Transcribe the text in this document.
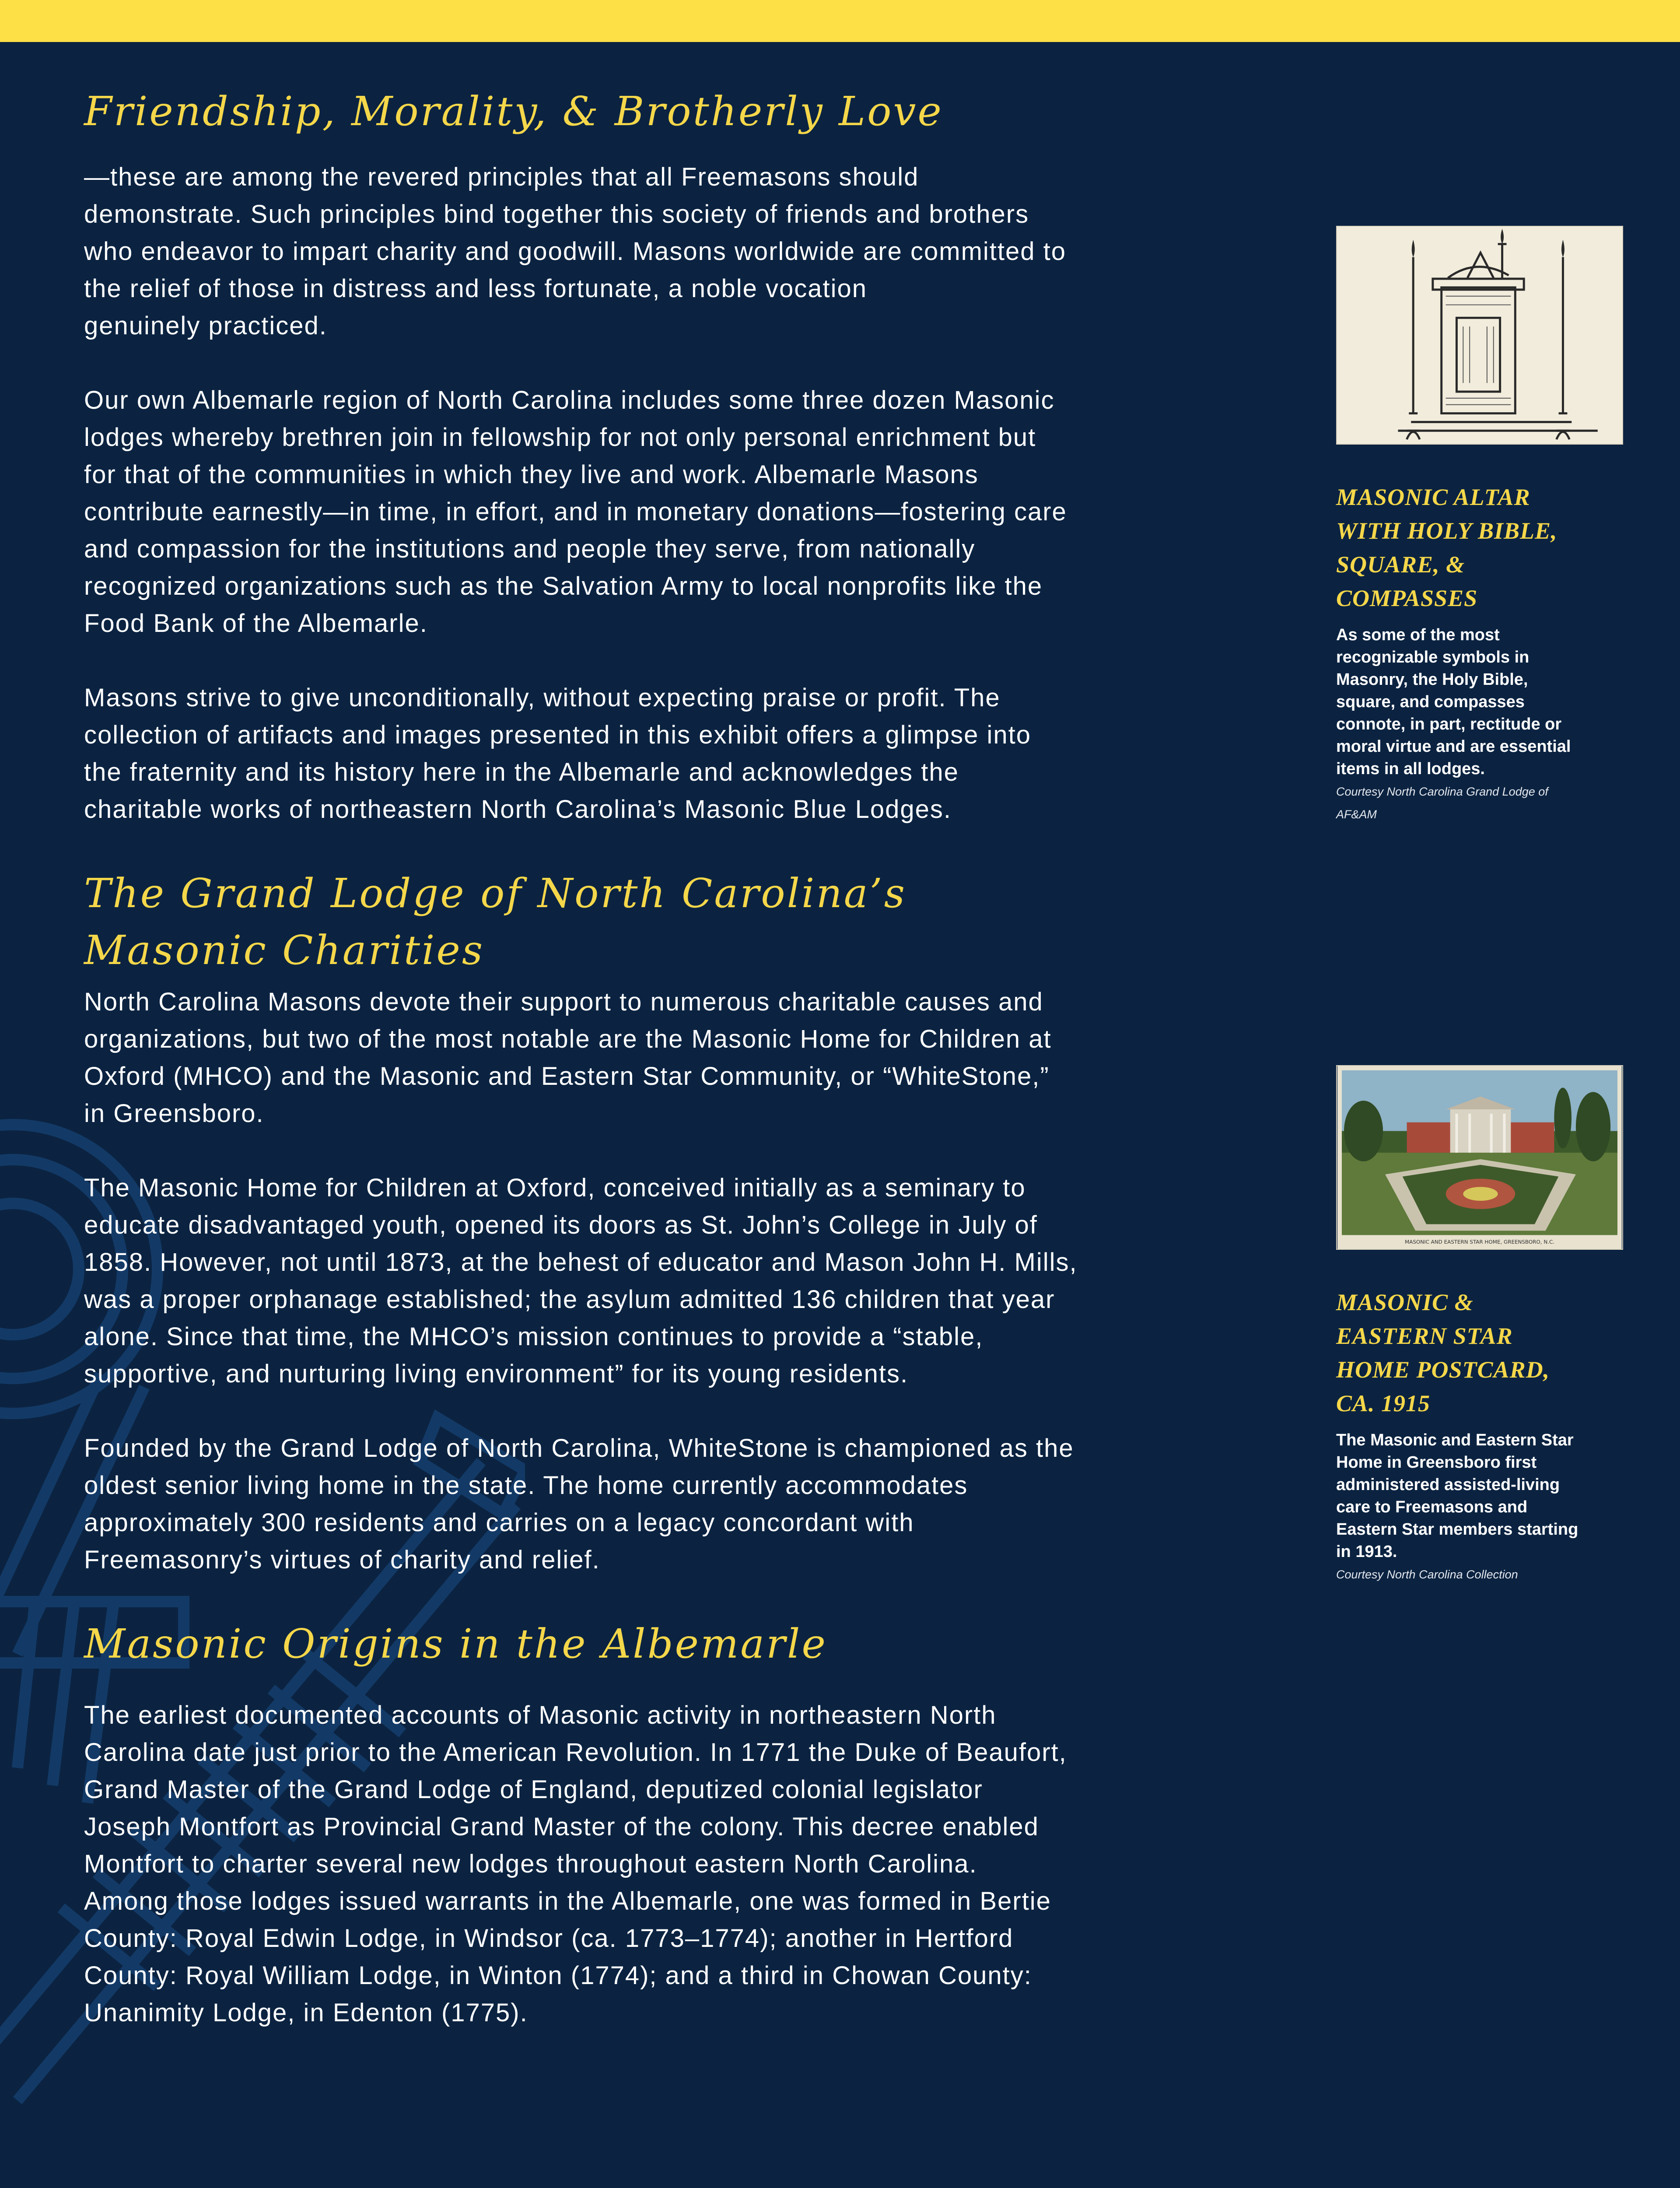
Friendship, Morality, & Brotherly Love

—these are among the revered principles that all Freemasons should
demonstrate. Such principles bind together this society of friends and brothers
who endeavor to impart charity and goodwill. Masons worldwide are committed to
the relief of those in distress and less fortunate, a noble vocation
genuinely practiced.

Our own Albemarle region of North Carolina includes some three dozen Masonic
lodges whereby brethren join in fellowship for not only personal enrichment but
for that of the communities in which they live and work. Albemarle Masons
contribute earnestly—in time, in effort, and in monetary donations—fostering care
and compassion for the institutions and people they serve, from nationally
recognized organizations such as the Salvation Army to local nonprofits like the
Food Bank of the Albemarle.

Masons strive to give unconditionally, without expecting praise or profit. The
collection of artifacts and images presented in this exhibit offers a glimpse into
the fraternity and its history here in the Albemarle and acknowledges the
charitable works of northeastern North Carolina’s Masonic Blue Lodges.

The Grand Lodge of North Carolina’s
Masonic Charities

North Carolina Masons devote their support to numerous charitable causes and
organizations, but two of the most notable are the Masonic Home for Children at
Oxford (MHCO) and the Masonic and Eastern Star Community, or “WhiteStone,”
in Greensboro.

The Masonic Home for Children at Oxford, conceived initially as a seminary to
educate disadvantaged youth, opened its doors as St. John’s College in July of
1858. However, not until 1873, at the behest of educator and Mason John H. Mills,
was a proper orphanage established; the asylum admitted 136 children that year
alone. Since that time, the MHCO’s mission continues to provide a “stable,
supportive, and nurturing living environment” for its young residents.

Founded by the Grand Lodge of North Carolina, WhiteStone is championed as the
oldest senior living home in the state. The home currently accommodates
approximately 300 residents and carries on a legacy concordant with
Freemasonry’s virtues of charity and relief.

Masonic Origins in the Albemarle

The earliest documented accounts of Masonic activity in northeastern North
Carolina date just prior to the American Revolution. In 1771 the Duke of Beaufort,
Grand Master of the Grand Lodge of England, deputized colonial legislator
Joseph Montfort as Provincial Grand Master of the colony. This decree enabled
Montfort to charter several new lodges throughout eastern North Carolina.
Among those lodges issued warrants in the Albemarle, one was formed in Bertie
County: Royal Edwin Lodge, in Windsor (ca. 1773–1774); another in Hertford
County: Royal William Lodge, in Winton (1774); and a third in Chowan County:
Unanimity Lodge, in Edenton (1775).

MASONIC ALTAR
WITH HOLY BIBLE,
SQUARE, &
COMPASSES

As some of the most
recognizable symbols in
Masonry, the Holy Bible,
square, and compasses
connote, in part, rectitude or
moral virtue and are essential
items in all lodges.

Courtesy North Carolina Grand Lodge of
AF&AM

MASONIC AND EASTERN STAR HOME, GREENSBORO, N.C.
MASONIC &
EASTERN STAR
HOME POSTCARD,
CA. 1915

The Masonic and Eastern Star
Home in Greensboro first
administered assisted-living
care to Freemasons and
Eastern Star members starting
in 1913.

Courtesy North Carolina Collection
